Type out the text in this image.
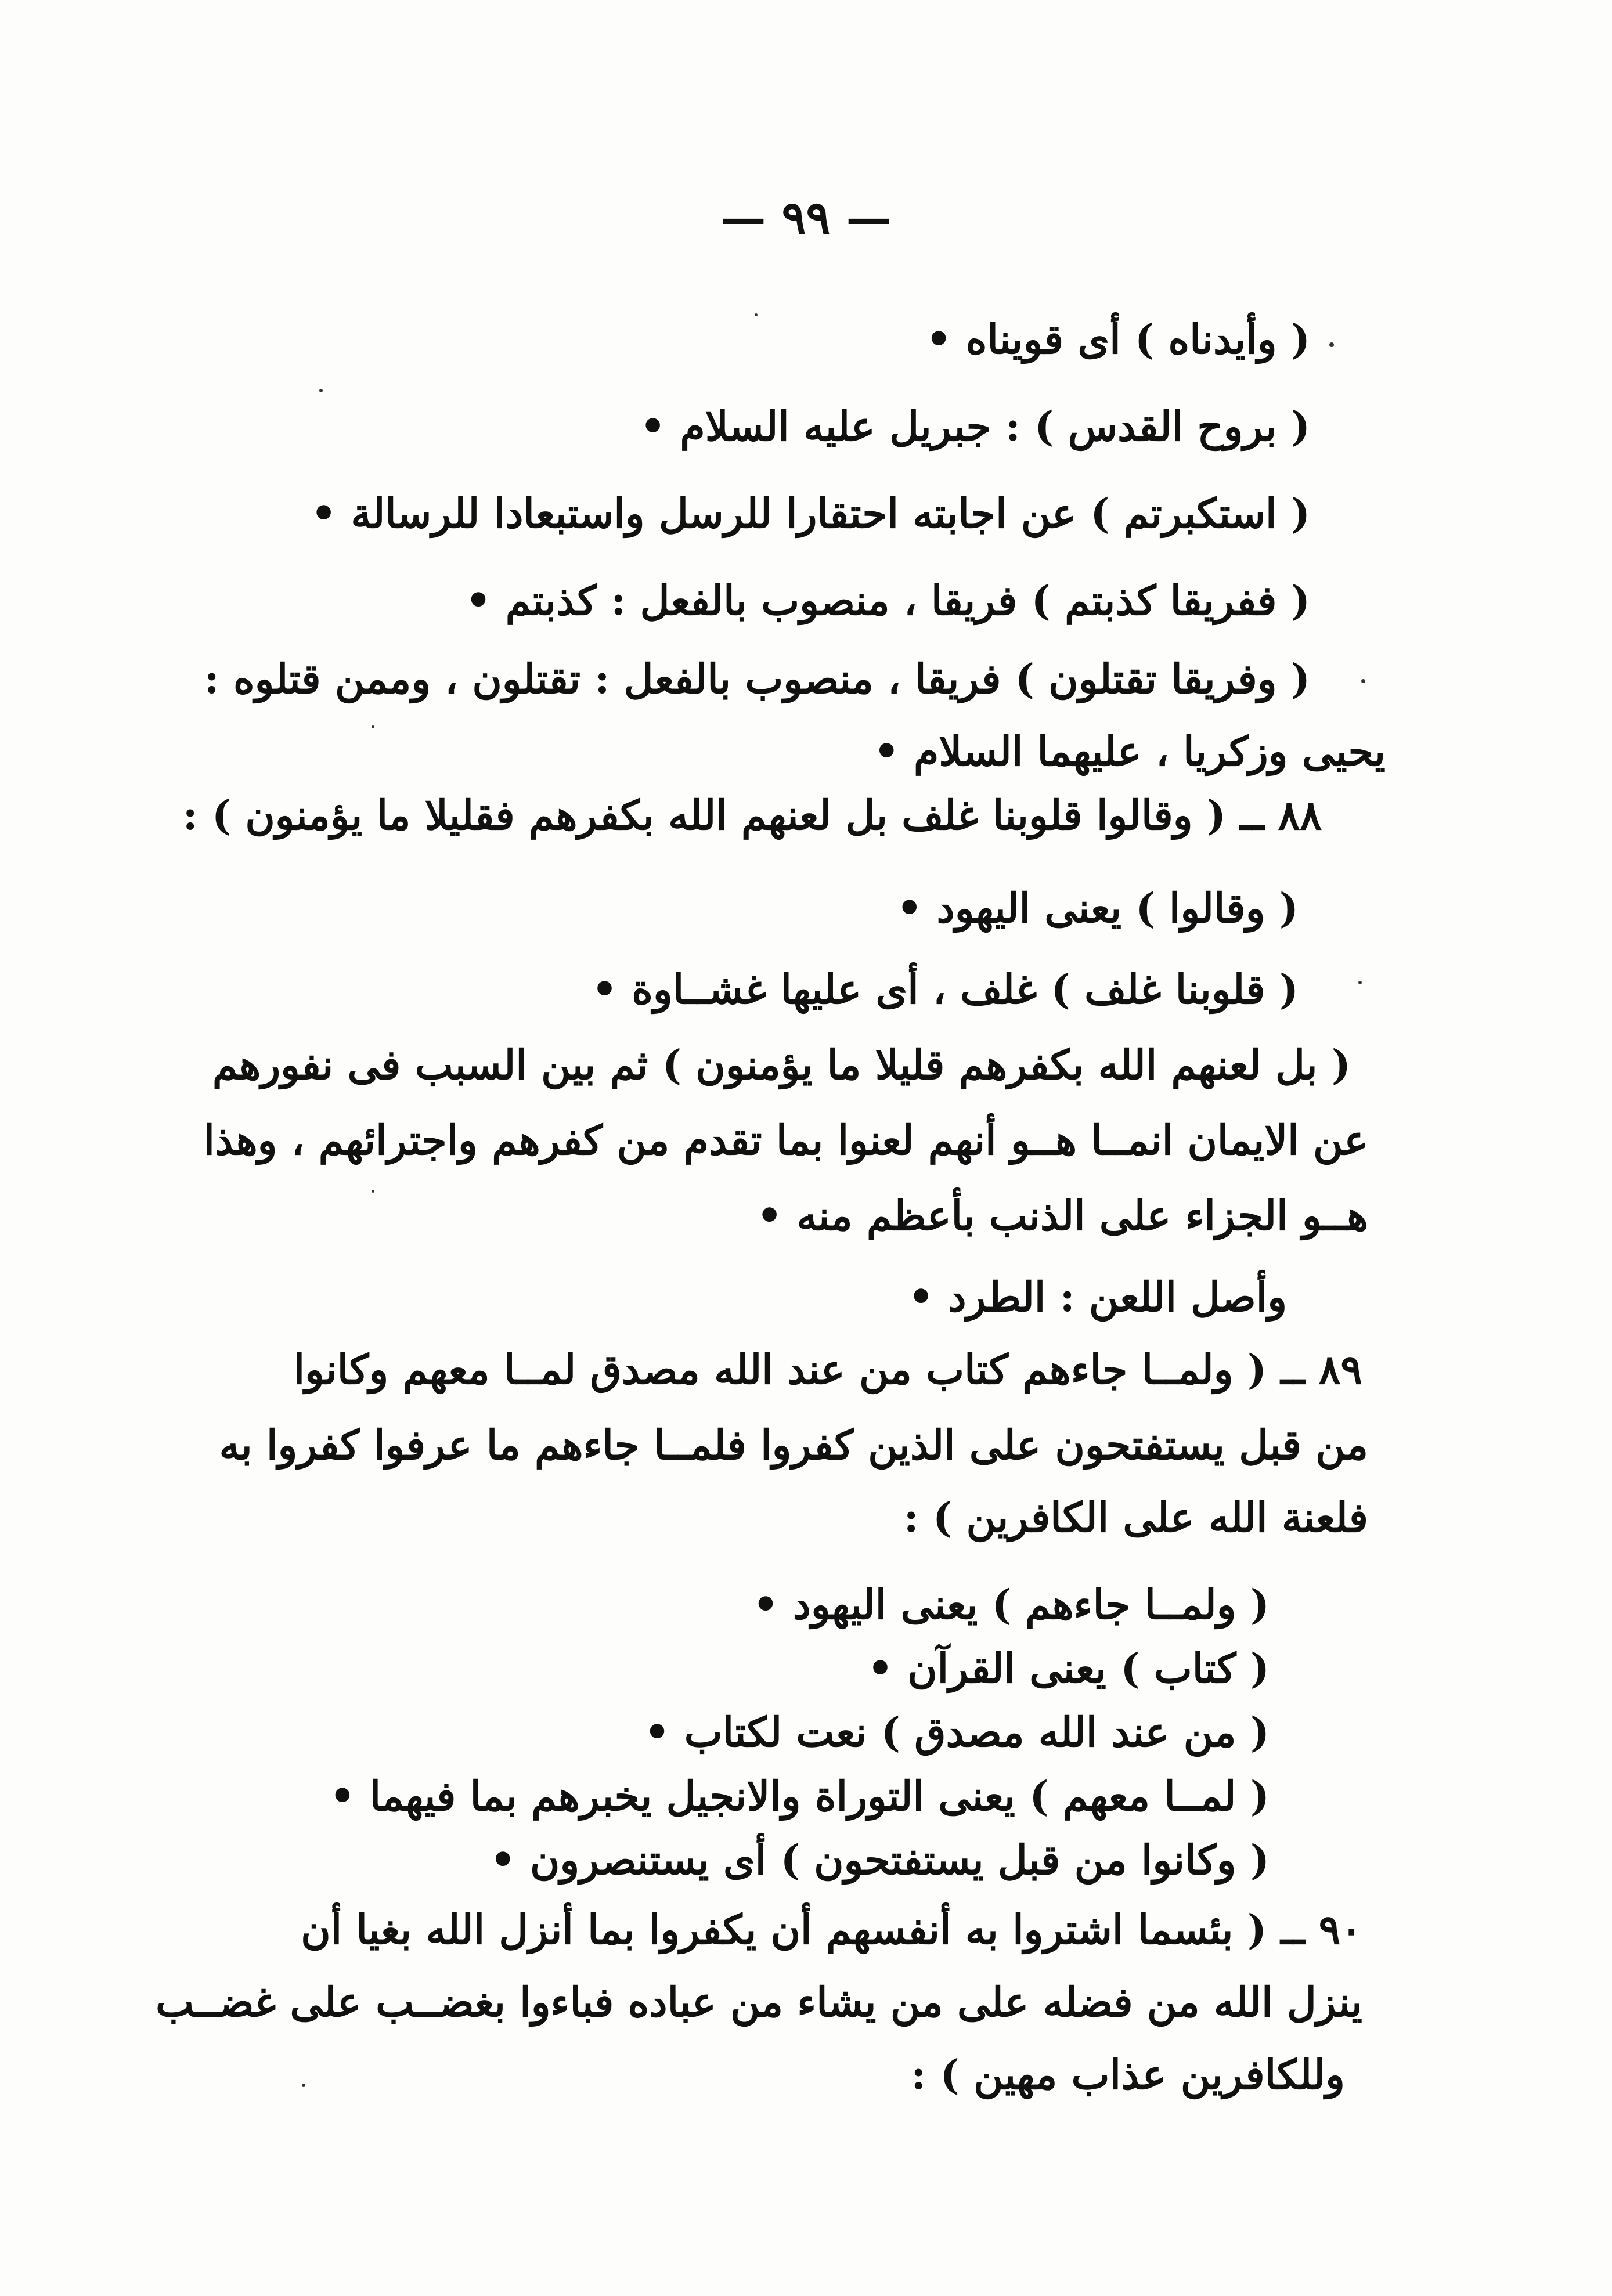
— ٩٩ —
( وأيدناه ) أى قويناه •
( بروح القدس ) : جبريل عليه السلام •
( استكبرتم ) عن اجابته احتقارا للرسل واستبعادا للرسالة •
( ففريقا كذبتم ) فريقا ، منصوب بالفعل : كذبتم •
( وفريقا تقتلون ) فريقا ، منصوب بالفعل : تقتلون ، وممن قتلوه :
يحيى وزكريا ، عليهما السلام •
٨٨ ــ ( وقالوا قلوبنا غلف بل لعنهم الله بكفرهم فقليلا ما يؤمنون ) :
( وقالوا ) يعنى اليهود •
( قلوبنا غلف ) غلف ، أى عليها غشــاوة •
( بل لعنهم الله بكفرهم قليلا ما يؤمنون ) ثم بين السبب فى نفورهم
عن الايمان انمــا هــو أنهم لعنوا بما تقدم من كفرهم واجترائهم ، وهذا
هــو الجزاء على الذنب بأعظم منه •
وأصل اللعن : الطرد •
٨٩ ــ ( ولمــا جاءهم كتاب من عند الله مصدق لمــا معهم وكانوا
من قبل يستفتحون على الذين كفروا فلمــا جاءهم ما عرفوا كفروا به
فلعنة الله على الكافرين ) :
( ولمــا جاءهم ) يعنى اليهود •
( كتاب ) يعنى القرآن •
( من عند الله مصدق ) نعت لكتاب •
( لمــا معهم ) يعنى التوراة والانجيل يخبرهم بما فيهما •
( وكانوا من قبل يستفتحون ) أى يستنصرون •
٩٠ ــ ( بئسما اشتروا به أنفسهم أن يكفروا بما أنزل الله بغيا أن
ينزل الله من فضله على من يشاء من عباده فباءوا بغضــب على غضــب
وللكافرين عذاب مهين ) :
